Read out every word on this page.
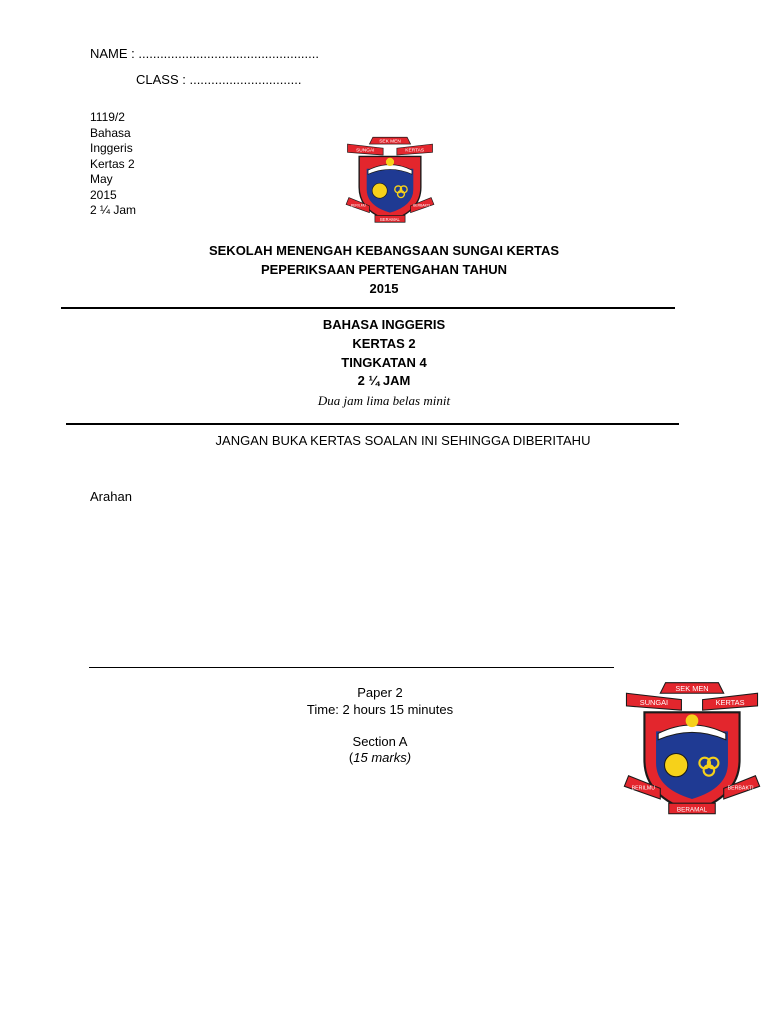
NAME : ..................................................
CLASS : ...............................
1119/2
Bahasa
Inggeris
Kertas 2
May
2015
2 ¼ Jam
SEK MEN
SUNGAI	KERTAS
BERILMU
BERAMAL
BERBAKTI
SEKOLAH MENENGAH KEBANGSAAN SUNGAI KERTAS
PEPERIKSAAN PERTENGAHAN TAHUN
2015
BAHASA INGGERIS
KERTAS 2
TINGKATAN 4
2 ¼ JAM
Dua jam lima belas minit
JANGAN BUKA KERTAS SOALAN INI SEHINGGA DIBERITAHU
Arahan
Paper 2
Time: 2 hours 15 minutes
Section A
(15 marks)
SEK MEN
SUNGAI	KERTAS
BERILMU
BERAMAL
BERBAKTI
